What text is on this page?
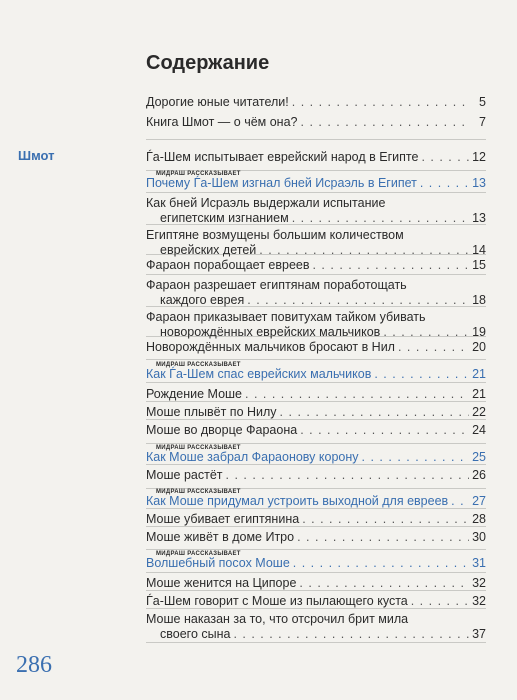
Содержание
Шмот
Дорогие юные читатели! . . .	5
Книга Шмот — о чём она? . . .	7
Ѓа-Шем испытывает еврейский народ в Египте . . .	12
МИДРАШ РАССКАЗЫВАЕТ
Почему Ѓа-Шем изгнал бней Исраэль в Египет . . .	13
Как бней Исраэль выдержали испытание
египетским изгнанием . . .	13
Египтяне возмущены большим количеством
еврейских детей . . .	14
Фараон порабощает евреев . . .	15
Фараон разрешает египтянам поработощать
каждого еврея . . .	18
Фараон приказывает повитухам тайком убивать
новорождённых еврейских мальчиков . . .	19
Новорождённых мальчиков бросают в Нил . . .	20
МИДРАШ РАССКАЗЫВАЕТ
Как Ѓа-Шем спас еврейских мальчиков . . .	21
Рождение Моше . . .	21
Моше плывёт по Нилу . . .	22
Моше во дворце Фараона . . .	24
МИДРАШ РАССКАЗЫВАЕТ
Как Моше забрал Фараонову корону . . .	25
Моше растёт . . .	26
МИДРАШ РАССКАЗЫВАЕТ
Как Моше придумал устроить выходной для евреев . . . 27
Моше убивает египтянина . . .	28
Моше живёт в доме Итро . . .	30
МИДРАШ РАССКАЗЫВАЕТ
Волшебный посох Моше . . .	31
Моше женится на Ципоре . . .	32
Ѓа-Шем говорит с Моше из пылающего куста . . .	32
Моше наказан за то, что отсрочил брит мила
своего сына . . .	37
286
